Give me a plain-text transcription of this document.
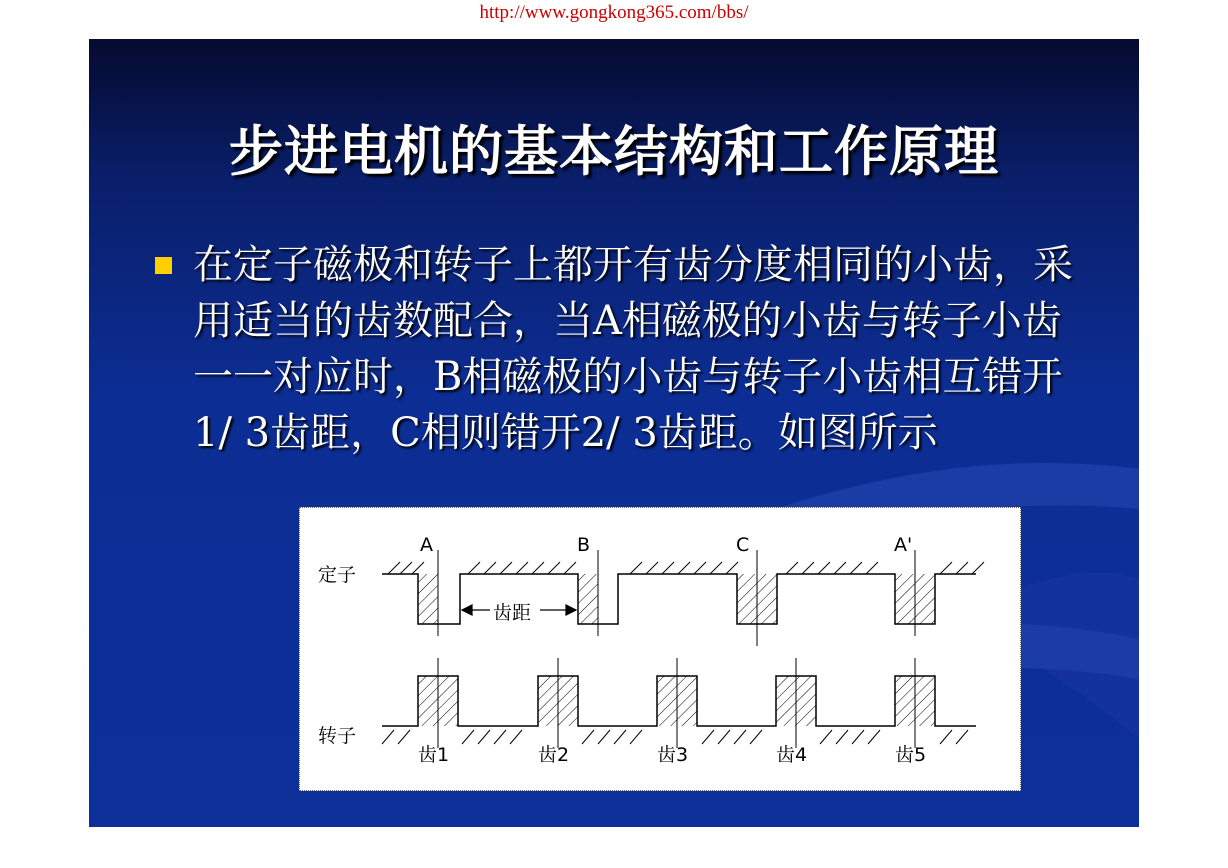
http://www.gongkong365.com/bbs/
步进电机的基本结构和工作原理
在定子磁极和转子上都开有齿分度相同的小齿，采用适当的齿数配合，当A相磁极的小齿与转子小齿一一对应时，B相磁极的小齿与转子小齿相互错开1/ 3齿距，C相则错开2/ 3齿距。如图所示
定子
转子
齿距
A	B	C	A'
齿1	齿2	齿3	齿4	齿5
